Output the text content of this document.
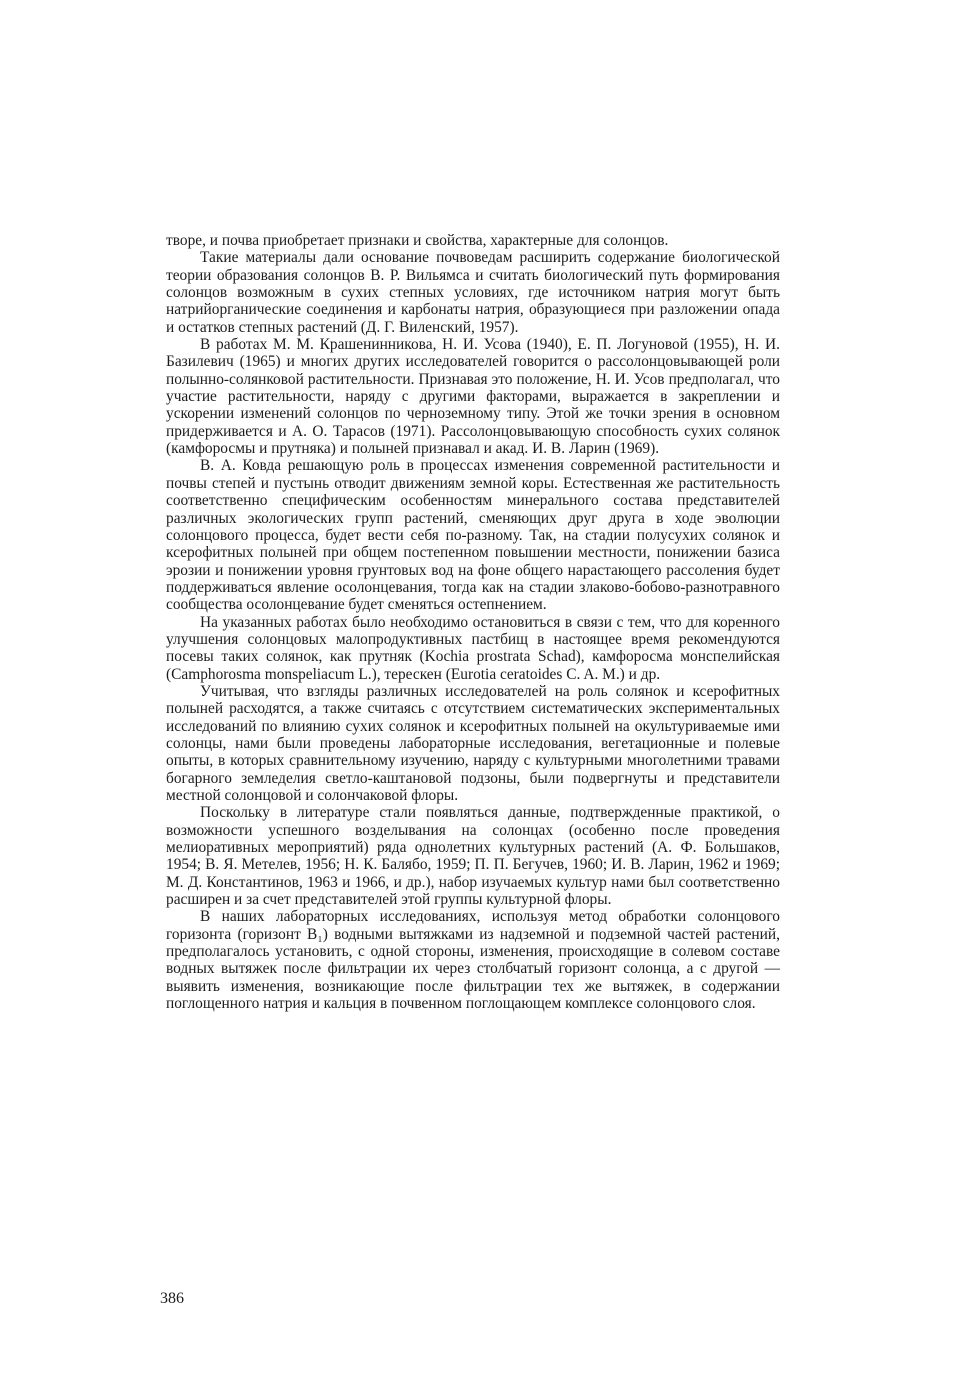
творе, и почва приобретает признаки и свойства, характерные для солонцов.

Такие материалы дали основание почвоведам расширить содержание биологической теории образования солонцов В. Р. Вильямса и считать биологический путь формирования солонцов возможным в сухих степных условиях, где источником натрия могут быть натрийорганические соединения и карбонаты натрия, образующиеся при разложении опада и остатков степных растений (Д. Г. Виленский, 1957).

В работах М. М. Крашенинникова, Н. И. Усова (1940), Е. П. Логуновой (1955), Н. И. Базилевич (1965) и многих других исследователей говорится о рассолонцовывающей роли полынно-солянковой растительности. Признавая это положение, Н. И. Усов предполагал, что участие растительности, наряду с другими факторами, выражается в закреплении и ускорении изменений солонцов по черноземному типу. Этой же точки зрения в основном придерживается и А. О. Тарасов (1971). Рассолонцовывающую способность сухих солянок (камфоросмы и прутняка) и полыней признавал и акад. И. В. Ларин (1969).

В. А. Ковда решающую роль в процессах изменения современной растительности и почвы степей и пустынь отводит движениям земной коры. Естественная же растительность соответственно специфическим особенностям минерального состава представителей различных экологических групп растений, сменяющих друг друга в ходе эволюции солонцового процесса, будет вести себя по-разному. Так, на стадии полусухих солянок и ксерофитных полыней при общем постепенном повышении местности, понижении базиса эрозии и понижении уровня грунтовых вод на фоне общего нарастающего рассоления будет поддерживаться явление осолонцевания, тогда как на стадии злаково-бобово-разнотравного сообщества осолонцевание будет сменяться остепнением.

На указанных работах было необходимо остановиться в связи с тем, что для коренного улучшения солонцовых малопродуктивных пастбищ в настоящее время рекомендуются посевы таких солянок, как прутняк (Kochia prostrata Schad), камфоросма монспелийская (Camphorosma monspeliacum L.), терескен (Eurotia ceratoides C. A. M.) и др.

Учитывая, что взгляды различных исследователей на роль солянок и ксерофитных полыней расходятся, а также считаясь с отсутствием систематических экспериментальных исследований по влиянию сухих солянок и ксерофитных полыней на окультуриваемые ими солонцы, нами были проведены лабораторные исследования, вегетационные и полевые опыты, в которых сравнительному изучению, наряду с культурными многолетними травами богарного земледелия светло-каштановой подзоны, были подвергнуты и представители местной солонцовой и солончаковой флоры.

Поскольку в литературе стали появляться данные, подтвержденные практикой, о возможности успешного возделывания на солонцах (особенно после проведения мелиоративных мероприятий) ряда однолетних культурных растений (А. Ф. Большаков, 1954; В. Я. Метелев, 1956; Н. К. Балябо, 1959; П. П. Бегучев, 1960; И. В. Ларин, 1962 и 1969; М. Д. Константинов, 1963 и 1966, и др.), набор изучаемых культур нами был соответственно расширен и за счет представителей этой группы культурной флоры.

В наших лабораторных исследованиях, используя метод обработки солонцового горизонта (горизонт B₁) водными вытяжками из надземной и подземной частей растений, предполагалось установить, с одной стороны, изменения, происходящие в солевом составе водных вытяжек после фильтрации их через столбчатый горизонт солонца, а с другой — выявить изменения, возникающие после фильтрации тех же вытяжек, в содержании поглощенного натрия и кальция в почвенном поглощающем комплексе солонцового слоя.

386
